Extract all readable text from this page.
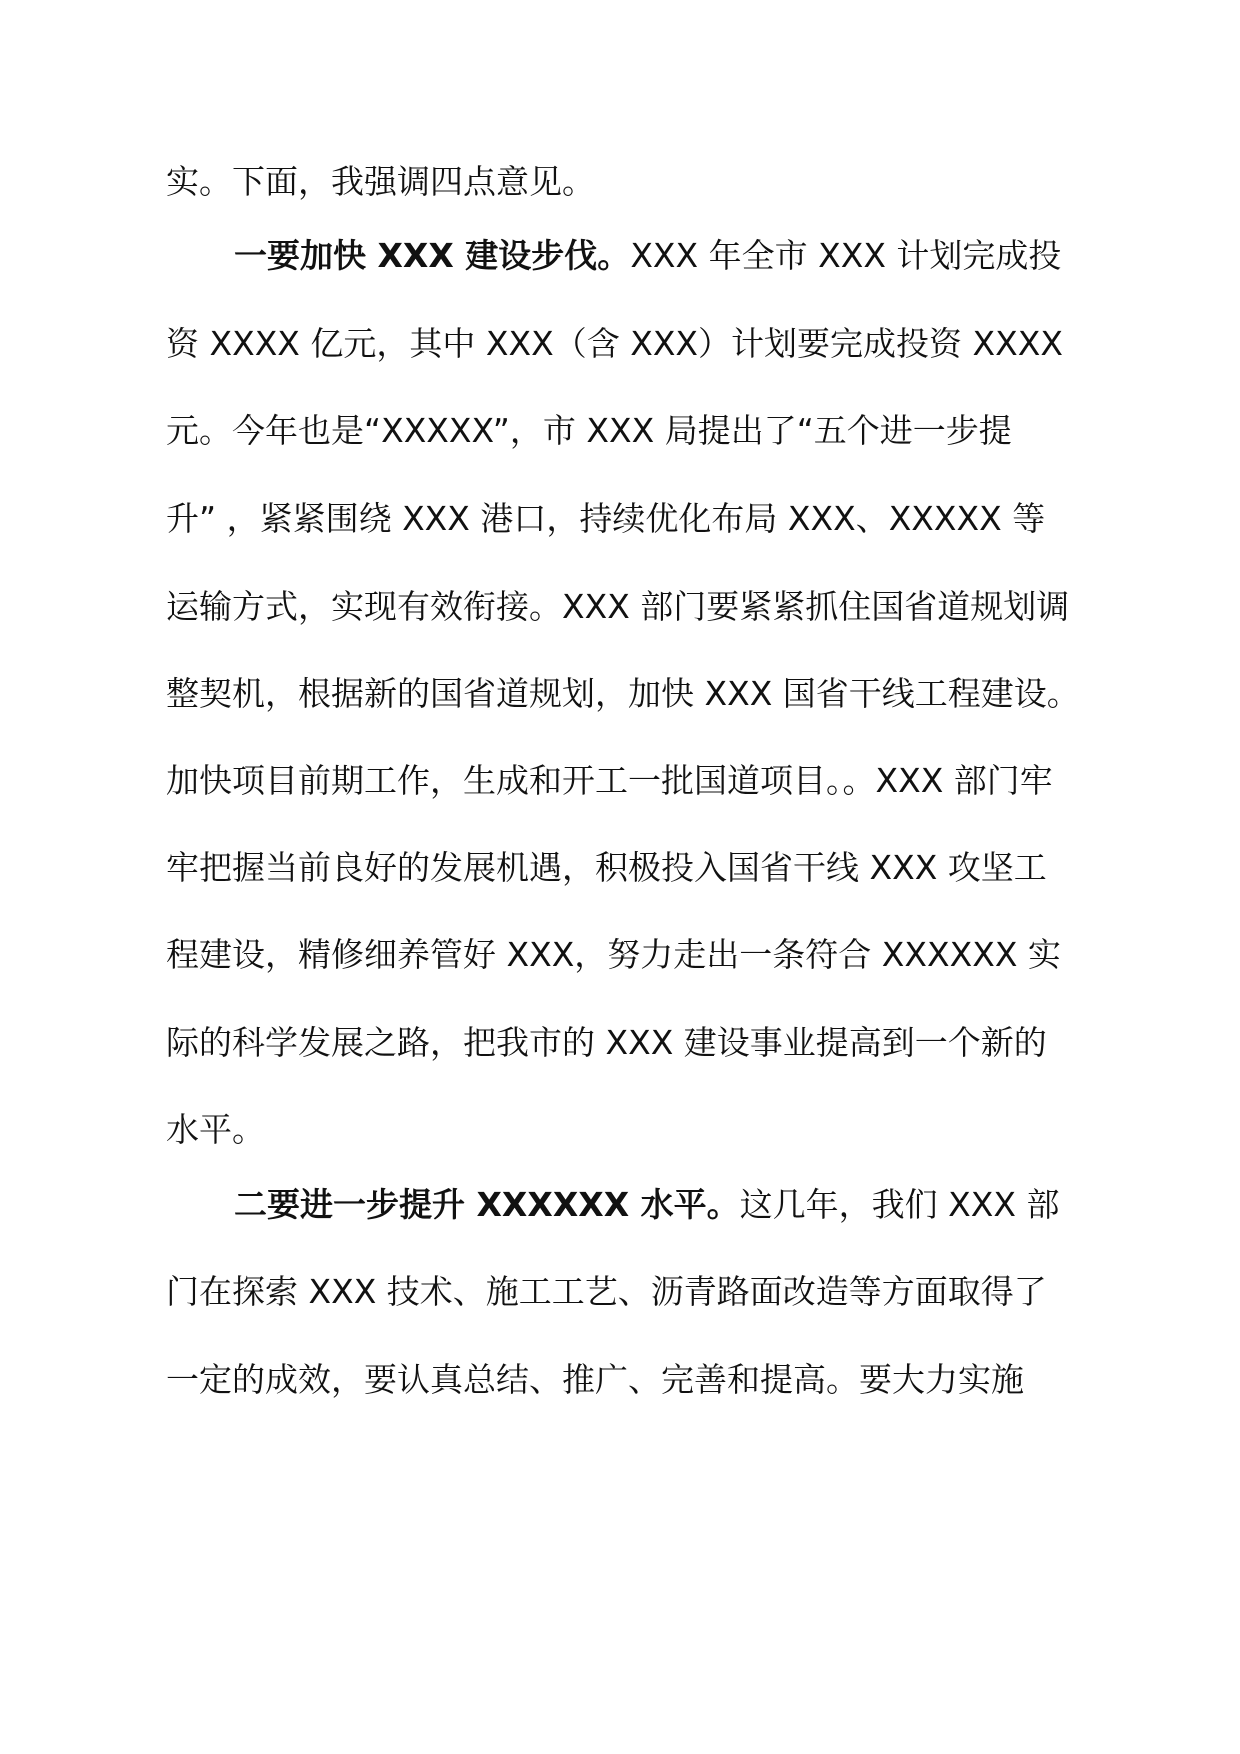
实。下面，我强调四点意见。
一要加快 XXX 建设步伐。XXX 年全市 XXX 计划完成投
资 XXXX 亿元，其中 XXX（含 XXX）计划要完成投资 XXXX
元。今年也是“XXXXX”，市 XXX 局提出了“五个进一步提
升” ，紧紧围绕 XXX 港口，持续优化布局 XXX、XXXXX 等
运输方式，实现有效衔接。XXX 部门要紧紧抓住国省道规划调
整契机，根据新的国省道规划，加快 XXX 国省干线工程建设。
加快项目前期工作，生成和开工一批国道项目。。XXX 部门牢
牢把握当前良好的发展机遇，积极投入国省干线 XXX 攻坚工
程建设，精修细养管好 XXX，努力走出一条符合 XXXXXX 实
际的科学发展之路，把我市的 XXX 建设事业提高到一个新的
水平。
二要进一步提升 XXXXXX 水平。这几年，我们 XXX 部
门在探索 XXX 技术、施工工艺、沥青路面改造等方面取得了
一定的成效，要认真总结、推广、完善和提高。要大力实施
